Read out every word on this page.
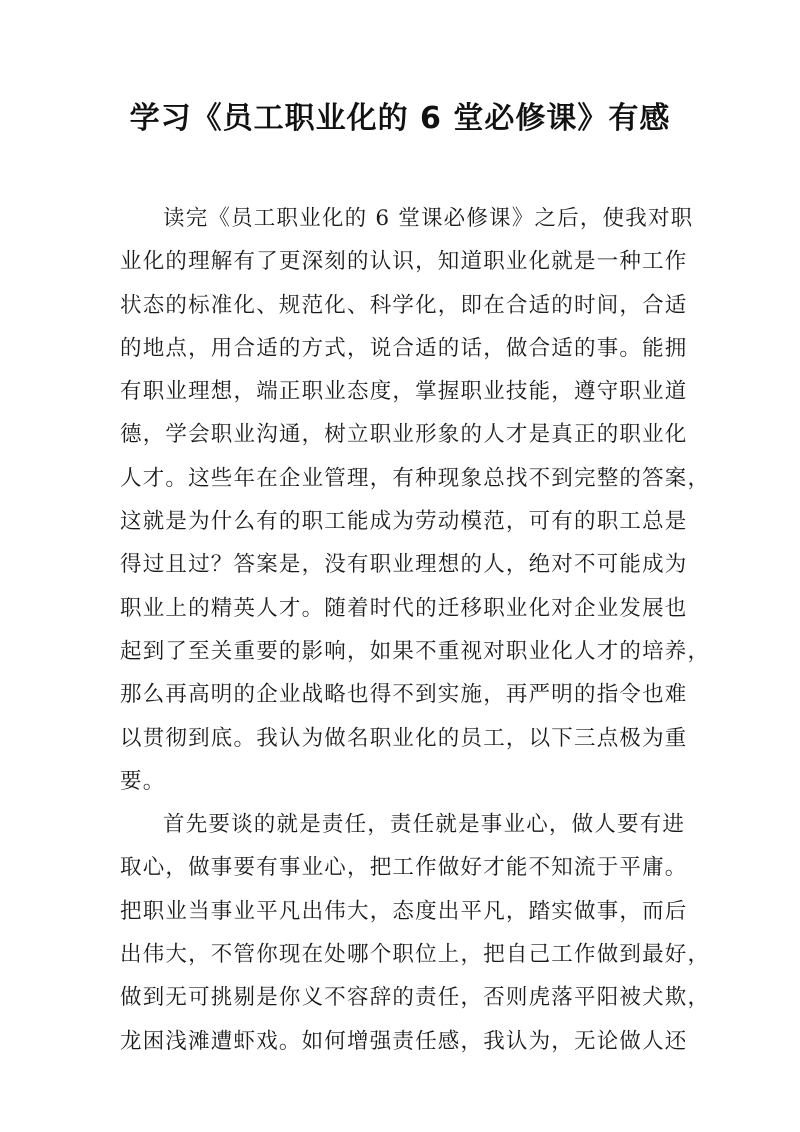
学习《员工职业化的 6 堂必修课》有感
读完《员工职业化的 6 堂课必修课》之后，使我对职
业化的理解有了更深刻的认识，知道职业化就是一种工作
状态的标准化、规范化、科学化，即在合适的时间，合适
的地点，用合适的方式，说合适的话，做合适的事。能拥
有职业理想，端正职业态度，掌握职业技能，遵守职业道
德，学会职业沟通，树立职业形象的人才是真正的职业化
人才。这些年在企业管理，有种现象总找不到完整的答案，
这就是为什么有的职工能成为劳动模范，可有的职工总是
得过且过？答案是，没有职业理想的人，绝对不可能成为
职业上的精英人才。随着时代的迁移职业化对企业发展也
起到了至关重要的影响，如果不重视对职业化人才的培养，
那么再高明的企业战略也得不到实施，再严明的指令也难
以贯彻到底。我认为做名职业化的员工，以下三点极为重
要。
首先要谈的就是责任，责任就是事业心，做人要有进
取心，做事要有事业心，把工作做好才能不知流于平庸。
把职业当事业平凡出伟大，态度出平凡，踏实做事，而后
出伟大，不管你现在处哪个职位上，把自己工作做到最好，
做到无可挑剔是你义不容辞的责任，否则虎落平阳被犬欺，
龙困浅滩遭虾戏。如何增强责任感，我认为，无论做人还
